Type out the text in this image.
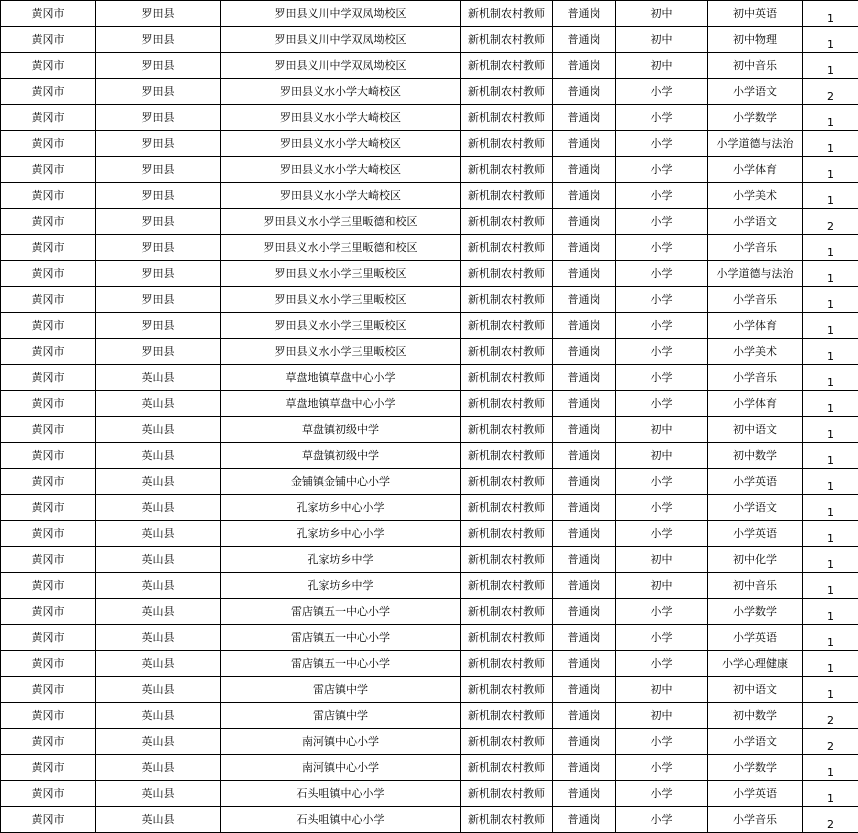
黄冈市	罗田县	罗田县义川中学双凤坳校区	新机制农村教师	普通岗	初中	初中英语	1
黄冈市	罗田县	罗田县义川中学双凤坳校区	新机制农村教师	普通岗	初中	初中物理	1
黄冈市	罗田县	罗田县义川中学双凤坳校区	新机制农村教师	普通岗	初中	初中音乐	1
黄冈市	罗田县	罗田县义水小学大崎校区	新机制农村教师	普通岗	小学	小学语文	2
黄冈市	罗田县	罗田县义水小学大崎校区	新机制农村教师	普通岗	小学	小学数学	1
黄冈市	罗田县	罗田县义水小学大崎校区	新机制农村教师	普通岗	小学	小学道德与法治	1
黄冈市	罗田县	罗田县义水小学大崎校区	新机制农村教师	普通岗	小学	小学体育	1
黄冈市	罗田县	罗田县义水小学大崎校区	新机制农村教师	普通岗	小学	小学美术	1
黄冈市	罗田县	罗田县义水小学三里畈德和校区	新机制农村教师	普通岗	小学	小学语文	2
黄冈市	罗田县	罗田县义水小学三里畈德和校区	新机制农村教师	普通岗	小学	小学音乐	1
黄冈市	罗田县	罗田县义水小学三里畈校区	新机制农村教师	普通岗	小学	小学道德与法治	1
黄冈市	罗田县	罗田县义水小学三里畈校区	新机制农村教师	普通岗	小学	小学音乐	1
黄冈市	罗田县	罗田县义水小学三里畈校区	新机制农村教师	普通岗	小学	小学体育	1
黄冈市	罗田县	罗田县义水小学三里畈校区	新机制农村教师	普通岗	小学	小学美术	1
黄冈市	英山县	草盘地镇草盘中心小学	新机制农村教师	普通岗	小学	小学音乐	1
黄冈市	英山县	草盘地镇草盘中心小学	新机制农村教师	普通岗	小学	小学体育	1
黄冈市	英山县	草盘镇初级中学	新机制农村教师	普通岗	初中	初中语文	1
黄冈市	英山县	草盘镇初级中学	新机制农村教师	普通岗	初中	初中数学	1
黄冈市	英山县	金铺镇金铺中心小学	新机制农村教师	普通岗	小学	小学英语	1
黄冈市	英山县	孔家坊乡中心小学	新机制农村教师	普通岗	小学	小学语文	1
黄冈市	英山县	孔家坊乡中心小学	新机制农村教师	普通岗	小学	小学英语	1
黄冈市	英山县	孔家坊乡中学	新机制农村教师	普通岗	初中	初中化学	1
黄冈市	英山县	孔家坊乡中学	新机制农村教师	普通岗	初中	初中音乐	1
黄冈市	英山县	雷店镇五一中心小学	新机制农村教师	普通岗	小学	小学数学	1
黄冈市	英山县	雷店镇五一中心小学	新机制农村教师	普通岗	小学	小学英语	1
黄冈市	英山县	雷店镇五一中心小学	新机制农村教师	普通岗	小学	小学心理健康	1
黄冈市	英山县	雷店镇中学	新机制农村教师	普通岗	初中	初中语文	1
黄冈市	英山县	雷店镇中学	新机制农村教师	普通岗	初中	初中数学	2
黄冈市	英山县	南河镇中心小学	新机制农村教师	普通岗	小学	小学语文	2
黄冈市	英山县	南河镇中心小学	新机制农村教师	普通岗	小学	小学数学	1
黄冈市	英山县	石头咀镇中心小学	新机制农村教师	普通岗	小学	小学英语	1
黄冈市	英山县	石头咀镇中心小学	新机制农村教师	普通岗	小学	小学音乐	2
